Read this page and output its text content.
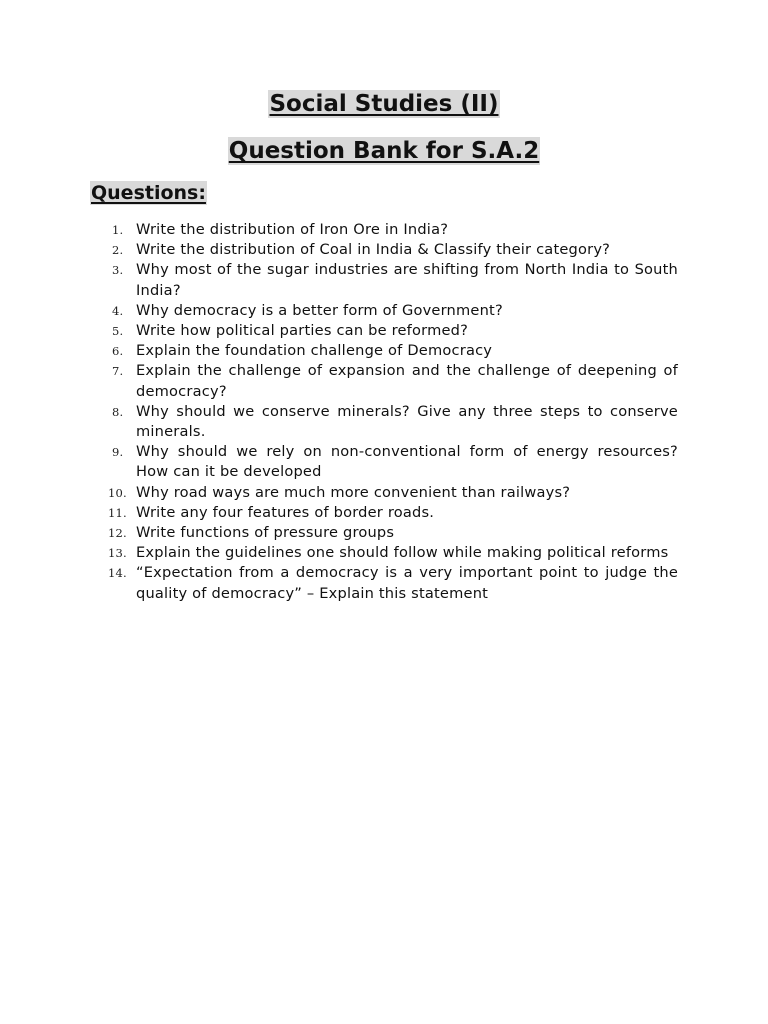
Social Studies (II)
Question Bank for S.A.2
Questions:
1. Write the distribution of Iron Ore in India?
2. Write the distribution of Coal in India & Classify their category?
3. Why most of the sugar industries are shifting from North India to South India?
4. Why democracy is a better form of Government?
5. Write how political parties can be reformed?
6. Explain the foundation challenge of Democracy
7. Explain the challenge of expansion and the challenge of deepening of democracy?
8. Why should we conserve minerals? Give any three steps to conserve minerals.
9. Why should we rely on non-conventional form of energy resources? How can it be developed
10. Why road ways are much more convenient than railways?
11. Write any four features of border roads.
12. Write functions of pressure groups
13. Explain the guidelines one should follow while making political reforms
14. “Expectation from a democracy is a very important point to judge the quality of democracy” – Explain this statement
